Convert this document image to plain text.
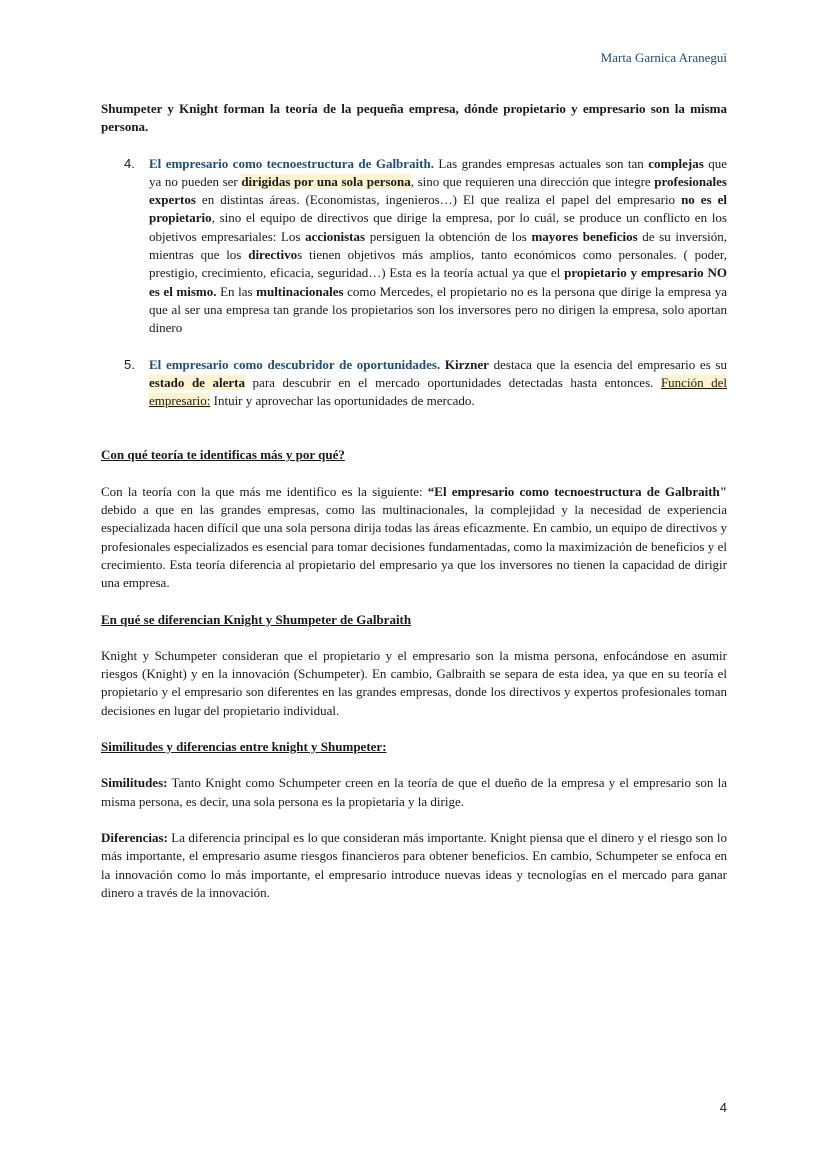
Marta Garnica Araneguì

Shumpeter y Knight forman la teoría de la pequeña empresa, dónde propietario y empresario son la misma persona.

4. El empresario como tecnoestructura de Galbraith. Las grandes empresas actuales son tan complejas que ya no pueden ser dirigidas por una sola persona, sino que requieren una dirección que integre profesionales expertos en distintas áreas. (Economistas, ingenieros…) El que realiza el papel del empresario no es el propietario, sino el equipo de directivos que dirige la empresa, por lo cuál, se produce un conflicto en los objetivos empresariales: Los accionistas persiguen la obtención de los mayores beneficios de su inversión, mientras que los directivos tienen objetivos más amplios, tanto económicos como personales. ( poder, prestigio, crecimiento, eficacia, seguridad…) Esta es la teoría actual ya que el propietario y empresario NO es el mismo. En las multinacionales como Mercedes, el propietario no es la persona que dirige la empresa ya que al ser una empresa tan grande los propietarios son los inversores pero no dirigen la empresa, solo aportan dinero
5. El empresario como descubridor de oportunidades. Kirzner destaca que la esencia del empresario es su estado de alerta para descubrir en el mercado oportunidades detectadas hasta entonces. Función del empresario: Intuir y aprovechar las oportunidades de mercado.

Con qué teoría te identificas más y por qué?

Con la teoría con la que más me identifico es la siguiente: “El empresario como tecnoestructura de Galbraith" debido a que en las grandes empresas, como las multinacionales, la complejidad y la necesidad de experiencia especializada hacen difícil que una sola persona dirija todas las áreas eficazmente. En cambio, un equipo de directivos y profesionales especializados es esencial para tomar decisiones fundamentadas, como la maximización de beneficios y el crecimiento. Esta teoría diferencia al propietario del empresario ya que los inversores no tienen la capacidad de dirigir una empresa.

En qué se diferencian Knight y Shumpeter de Galbraith

Knight y Schumpeter consideran que el propietario y el empresario son la misma persona, enfocándose en asumir riesgos (Knight) y en la innovación (Schumpeter). En cambio, Galbraith se separa de esta idea, ya que en su teoría el propietario y el empresario son diferentes en las grandes empresas, donde los directivos y expertos profesionales toman decisiones en lugar del propietario individual.

Similitudes y diferencias entre knight y Shumpeter:

Similitudes: Tanto Knight como Schumpeter creen en la teoría de que el dueño de la empresa y el empresario son la misma persona, es decir, una sola persona es la propietaria y la dirige.

Diferencias: La diferencia principal es lo que consideran más importante. Knight piensa que el dinero y el riesgo son lo más importante, el empresario asume riesgos financieros para obtener beneficios. En cambio, Schumpeter se enfoca en la innovación como lo más importante, el empresario introduce nuevas ideas y tecnologías en el mercado para ganar dinero a través de la innovación.

4
